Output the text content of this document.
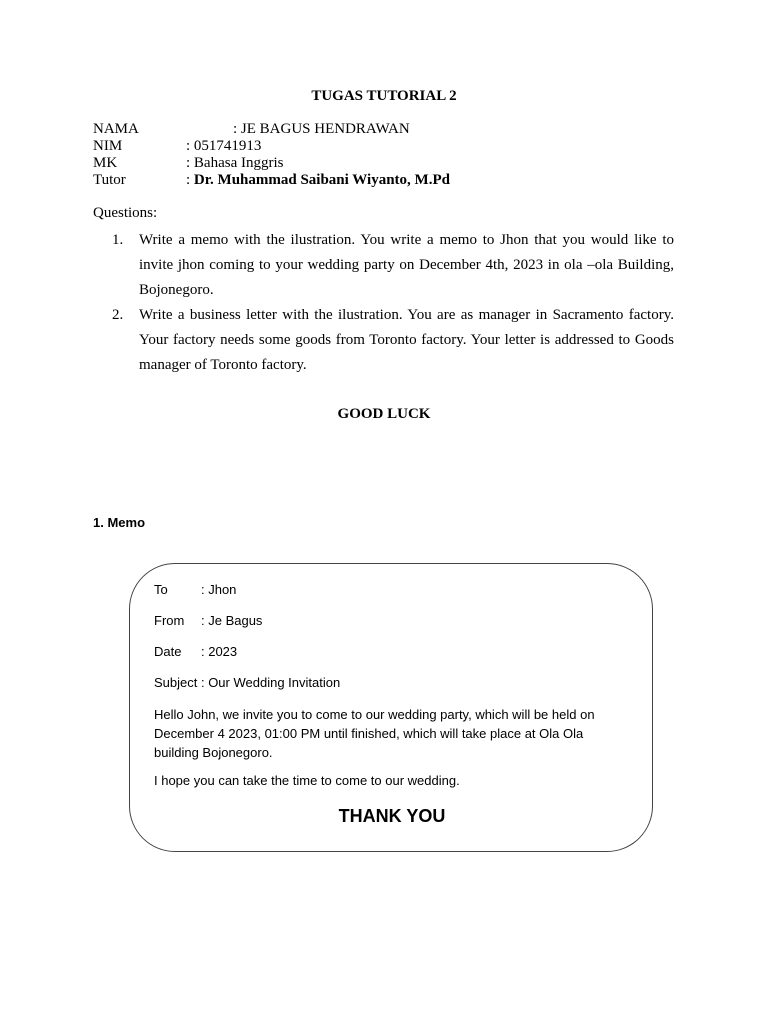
TUGAS TUTORIAL 2
NAMA	: JE BAGUS HENDRAWAN
NIM	: 051741913
MK	: Bahasa Inggris
Tutor	: Dr. Muhammad Saibani Wiyanto, M.Pd
Questions:
1. Write a memo with the ilustration. You write a memo to Jhon that you would like to invite jhon coming to your wedding party on December 4th, 2023 in ola –ola Building, Bojonegoro.
2. Write a business letter with the ilustration. You are as manager in Sacramento factory. Your factory needs some goods from Toronto factory. Your letter is addressed to Goods manager of Toronto factory.
GOOD LUCK
1. Memo
To	: Jhon
From : Je Bagus
Date : 2023
Subject : Our Wedding Invitation
Hello John, we invite you to come to our wedding party, which will be held on December 4 2023, 01:00 PM until finished, which will take place at Ola Ola building Bojonegoro.
I hope you can take the time to come to our wedding.
THANK YOU
